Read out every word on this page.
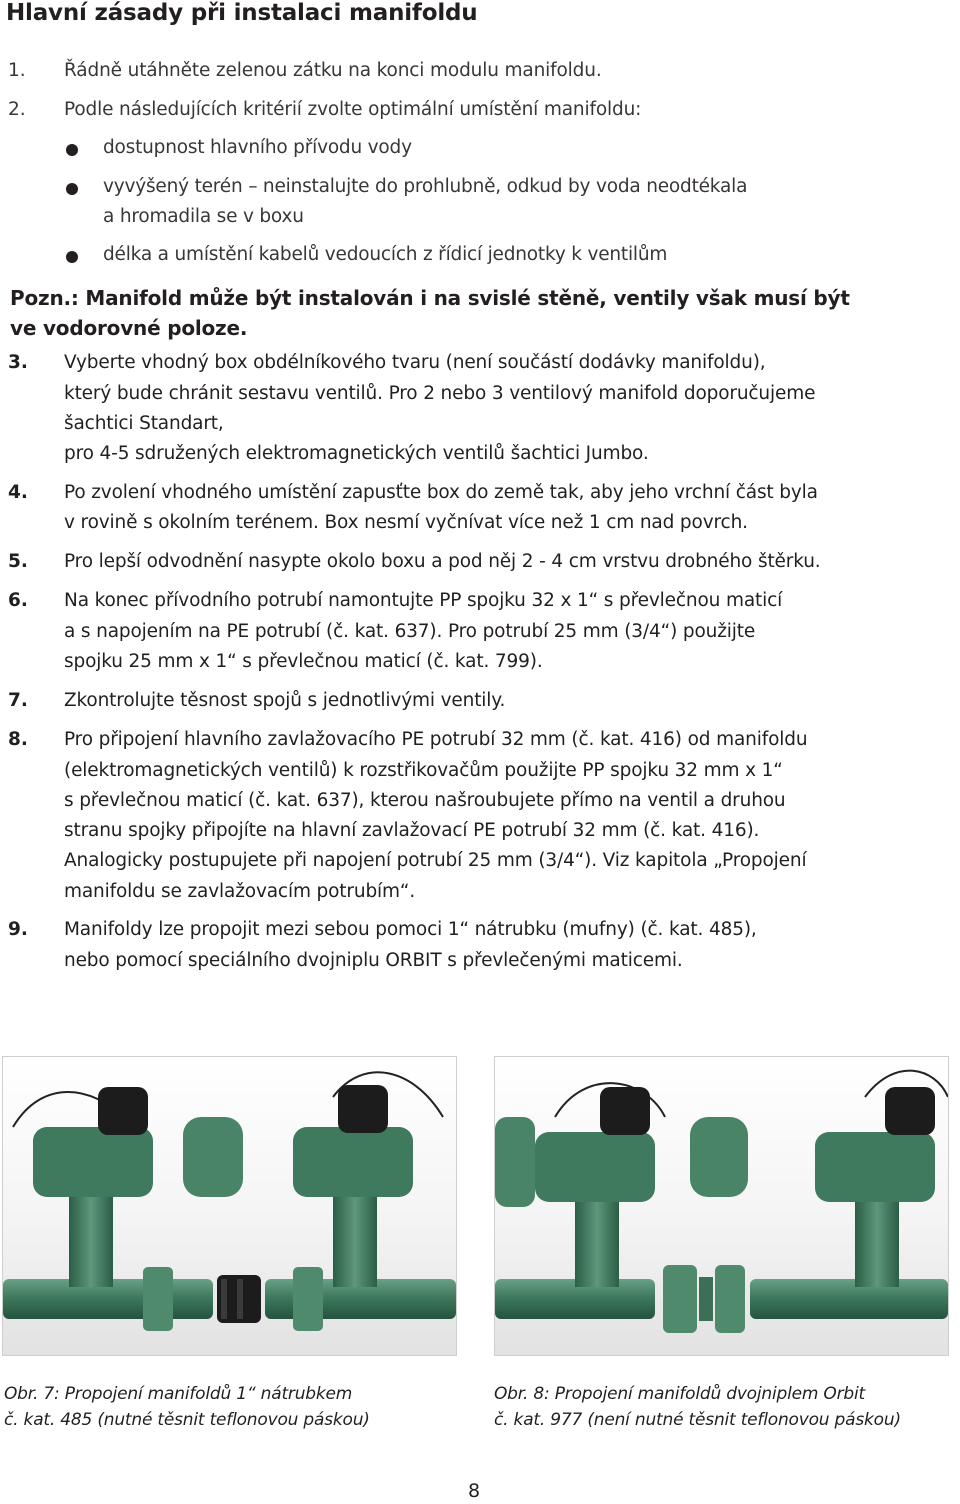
Hlavní zásady při instalaci manifoldu
1. Řádně utáhněte zelenou zátku na konci modulu manifoldu.
2. Podle následujících kritérií zvolte optimální umístění manifoldu:
dostupnost hlavního přívodu vody
vyvýšený terén – neinstalujte do prohlubně, odkud by voda neodtékala
a hromadila se v boxu
délka a umístění kabelů vedoucích z řídicí jednotky k ventilům
Pozn.: Manifold může být instalován i na svislé stěně, ventily však musí být
ve vodorovné poloze.
3. Vyberte vhodný box obdélníkového tvaru (není součástí dodávky manifoldu),
který bude chránit sestavu ventilů. Pro 2 nebo 3 ventilový manifold doporučujeme
šachtici Standart,
pro 4-5 sdružených elektromagnetických ventilů šachtici Jumbo.
4. Po zvolení vhodného umístění zapusťte box do země tak, aby jeho vrchní část byla
v rovině s okolním terénem. Box nesmí vyčnívat více než 1 cm nad povrch.
5. Pro lepší odvodnění nasypte okolo boxu a pod něj 2 - 4 cm vrstvu drobného štěrku.
6. Na konec přívodního potrubí namontujte PP spojku 32 x 1“ s převlečnou maticí
a s napojením na PE potrubí (č. kat. 637). Pro potrubí 25 mm (3/4“) použijte
spojku 25 mm x 1“ s převlečnou maticí (č. kat. 799).
7. Zkontrolujte těsnost spojů s jednotlivými ventily.
8. Pro připojení hlavního zavlažovacího PE potrubí 32 mm (č. kat. 416) od manifoldu
(elektromagnetických ventilů) k rozstřikovačům použijte PP spojku 32 mm x 1“
s převlečnou maticí (č. kat. 637), kterou našroubujete přímo na ventil a druhou
stranu spojky připojíte na hlavní zavlažovací PE potrubí 32 mm (č. kat. 416).
Analogicky postupujete při napojení potrubí 25 mm (3/4“). Viz kapitola „Propojení
manifoldu se zavlažovacím potrubím“.
9. Manifoldy lze propojit mezi sebou pomoci 1“ nátrubku (mufny) (č. kat. 485),
nebo pomocí speciálního dvojniplu ORBIT s převlečenými maticemi.
Obr. 7: Propojení manifoldů 1“ nátrubkem
č. kat. 485 (nutné těsnit teflonovou páskou)
Obr. 8: Propojení manifoldů dvojniplem Orbit
č. kat. 977 (není nutné těsnit teflonovou páskou)
8
